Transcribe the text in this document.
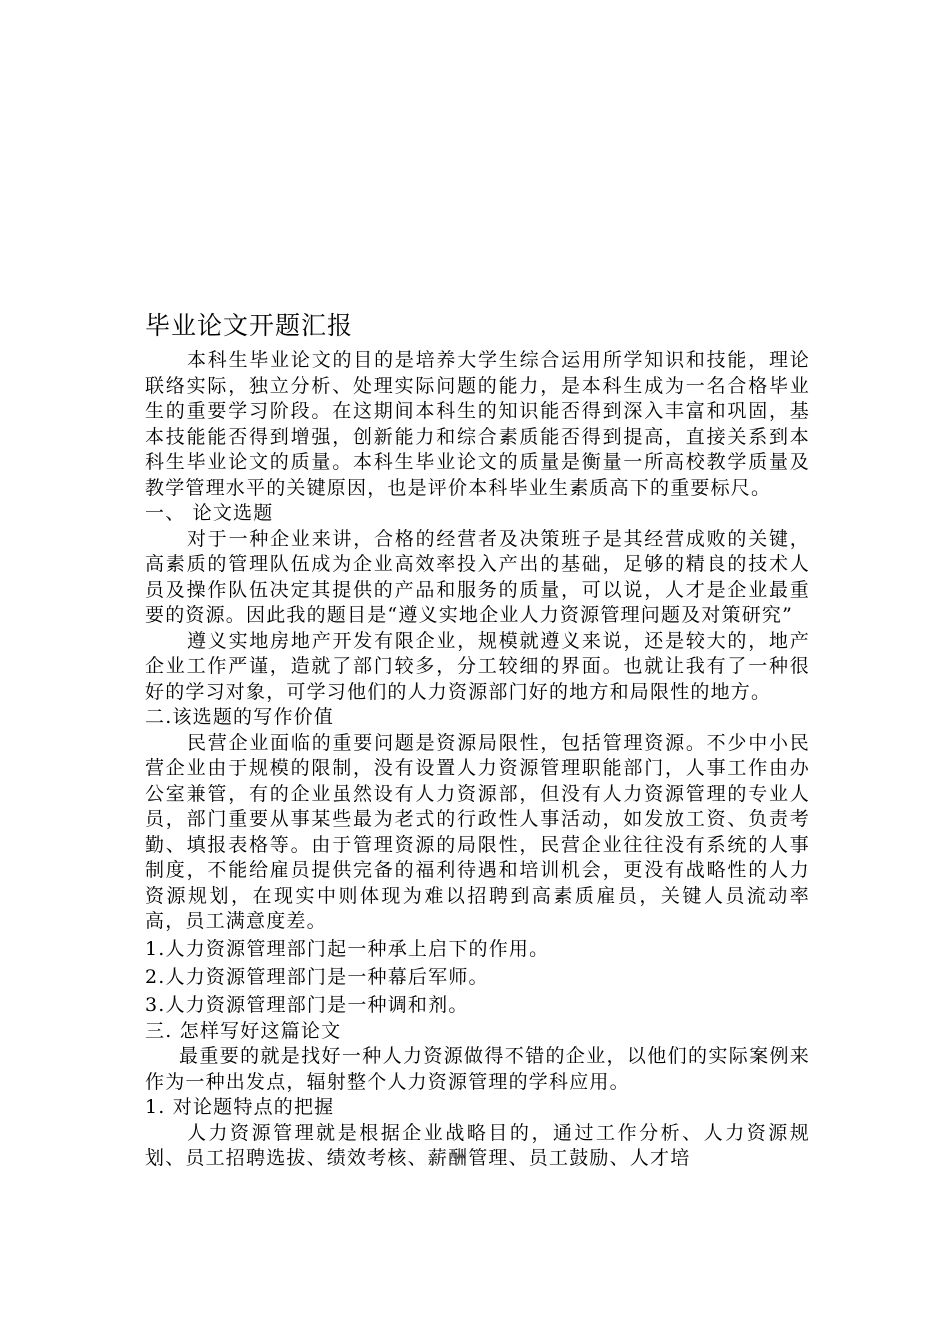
毕业论文开题汇报

本科生毕业论文的目的是培养大学生综合运用所学知识和技能，理论联络实际，独立分析、处理实际问题的能力，是本科生成为一名合格毕业生的重要学习阶段。在这期间本科生的知识能否得到深入丰富和巩固，基本技能能否得到增强，创新能力和综合素质能否得到提高，直接关系到本科生毕业论文的质量。本科生毕业论文的质量是衡量一所高校教学质量及教学管理水平的关键原因，也是评价本科毕业生素质高下的重要标尺。

一、 论文选题

对于一种企业来讲，合格的经营者及决策班子是其经营成败的关键，高素质的管理队伍成为企业高效率投入产出的基础，足够的精良的技术人员及操作队伍决定其提供的产品和服务的质量，可以说，人才是企业最重要的资源。因此我的题目是“遵义实地企业人力资源管理问题及对策研究”

遵义实地房地产开发有限企业，规模就遵义来说，还是较大的，地产企业工作严谨，造就了部门较多，分工较细的界面。也就让我有了一种很好的学习对象，可学习他们的人力资源部门好的地方和局限性的地方。

二.该选题的写作价值

民营企业面临的重要问题是资源局限性，包括管理资源。不少中小民营企业由于规模的限制，没有设置人力资源管理职能部门，人事工作由办公室兼管，有的企业虽然设有人力资源部，但没有人力资源管理的专业人员，部门重要从事某些最为老式的行政性人事活动，如发放工资、负责考勤、填报表格等。由于管理资源的局限性，民营企业往往没有系统的人事制度，不能给雇员提供完备的福利待遇和培训机会，更没有战略性的人力资源规划，在现实中则体现为难以招聘到高素质雇员，关键人员流动率高，员工满意度差。

1.人力资源管理部门起一种承上启下的作用。

2.人力资源管理部门是一种幕后军师。

3.人力资源管理部门是一种调和剂。

三. 怎样写好这篇论文

最重要的就是找好一种人力资源做得不错的企业，以他们的实际案例来作为一种出发点，辐射整个人力资源管理的学科应用。

1. 对论题特点的把握

人力资源管理就是根据企业战略目的，通过工作分析、人力资源规划、员工招聘选拔、绩效考核、薪酬管理、员工鼓励、人才培
